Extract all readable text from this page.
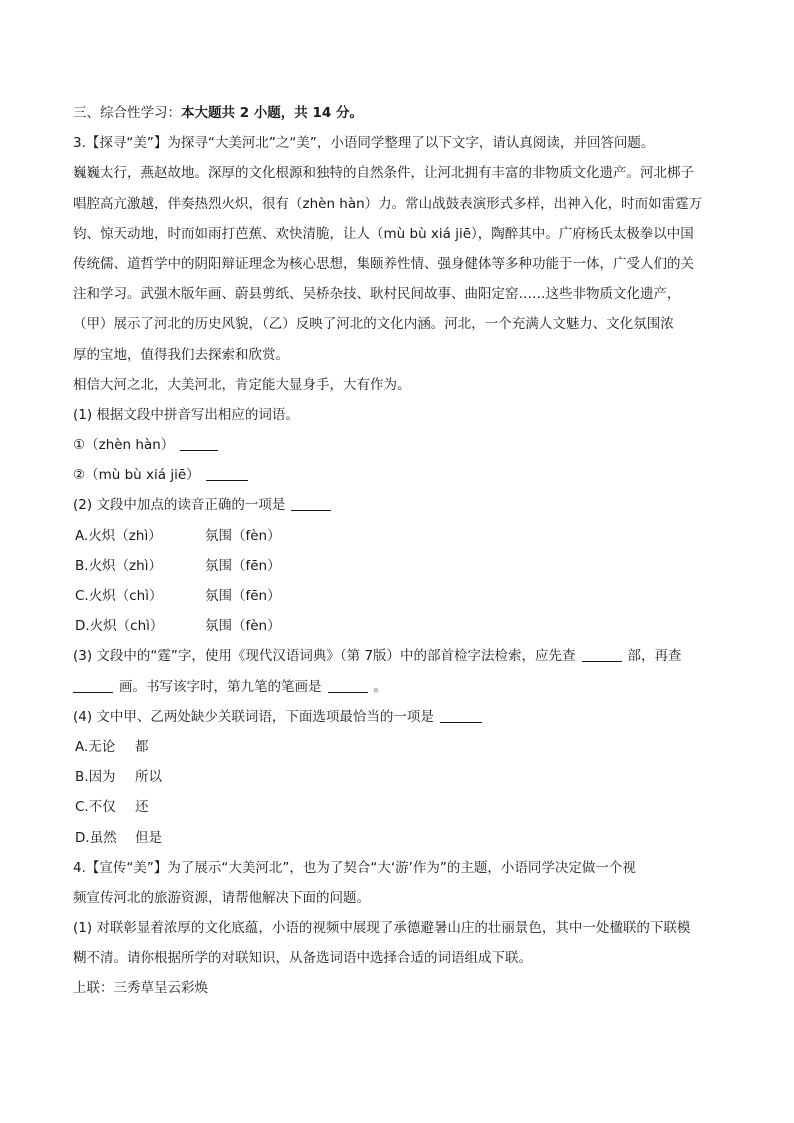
三、综合性学习：本大题共 2 小题，共 14 分。
3.【探寻“美”】为探寻“大美河北”之“美”，小语同学整理了以下文字，请认真阅读，并回答问题。
巍巍太行，燕赵故地。深厚的文化根源和独特的自然条件，让河北拥有丰富的非物质文化遗产。河北梆子
唱腔高亢激越，伴奏热烈火炽，很有（zhèn hàn）力。常山战鼓表演形式多样，出神入化，时而如雷霆万
钧、惊天动地，时而如雨打芭蕉、欢快清脆，让人（mù bù xiá jiē），陶醉其中。广府杨氏太极拳以中国
传统儒、道哲学中的阴阳辩证理念为核心思想，集颐养性情、强身健体等多种功能于一体，广受人们的关
注和学习。武强木版年画、蔚县剪纸、吴桥杂技、耿村民间故事、曲阳定窑……这些非物质文化遗产，
（甲）展示了河北的历史风貌，（乙）反映了河北的文化内涵。河北，一个充满人文魅力、文化氛围浓
厚的宝地，值得我们去探索和欣赏。
相信大河之北，大美河北，肯定能大显身手，大有作为。
(1) 根据文段中拼音写出相应的词语。
①（zhèn hàn）
②（mù bù xiá jiē）
(2) 文段中加点的读音正确的一项是
A.火炽（zhì）	氛围（fèn）
B.火炽（zhì）	氛围（fēn）
C.火炽（chì）	氛围（fēn）
D.火炽（chì）	氛围（fèn）
(3) 文段中的“霆”字，使用《现代汉语词典》（第 7版）中的部首检字法检索，应先查	部，再查
画。书写该字时，第九笔的笔画是	。
(4) 文中甲、乙两处缺少关联词语，下面选项最恰当的一项是
A.无论	都
B.因为	所以
C.不仅	还
D.虽然	但是
4.【宣传“美”】为了展示“大美河北”，也为了契合“大‘游’作为”的主题，小语同学决定做一个视
频宣传河北的旅游资源，请帮他解决下面的问题。
(1) 对联彰显着浓厚的文化底蕴，小语的视频中展现了承德避暑山庄的壮丽景色，其中一处楹联的下联模
糊不清。请你根据所学的对联知识，从备选词语中选择合适的词语组成下联。
上联：三秀草呈云彩焕
